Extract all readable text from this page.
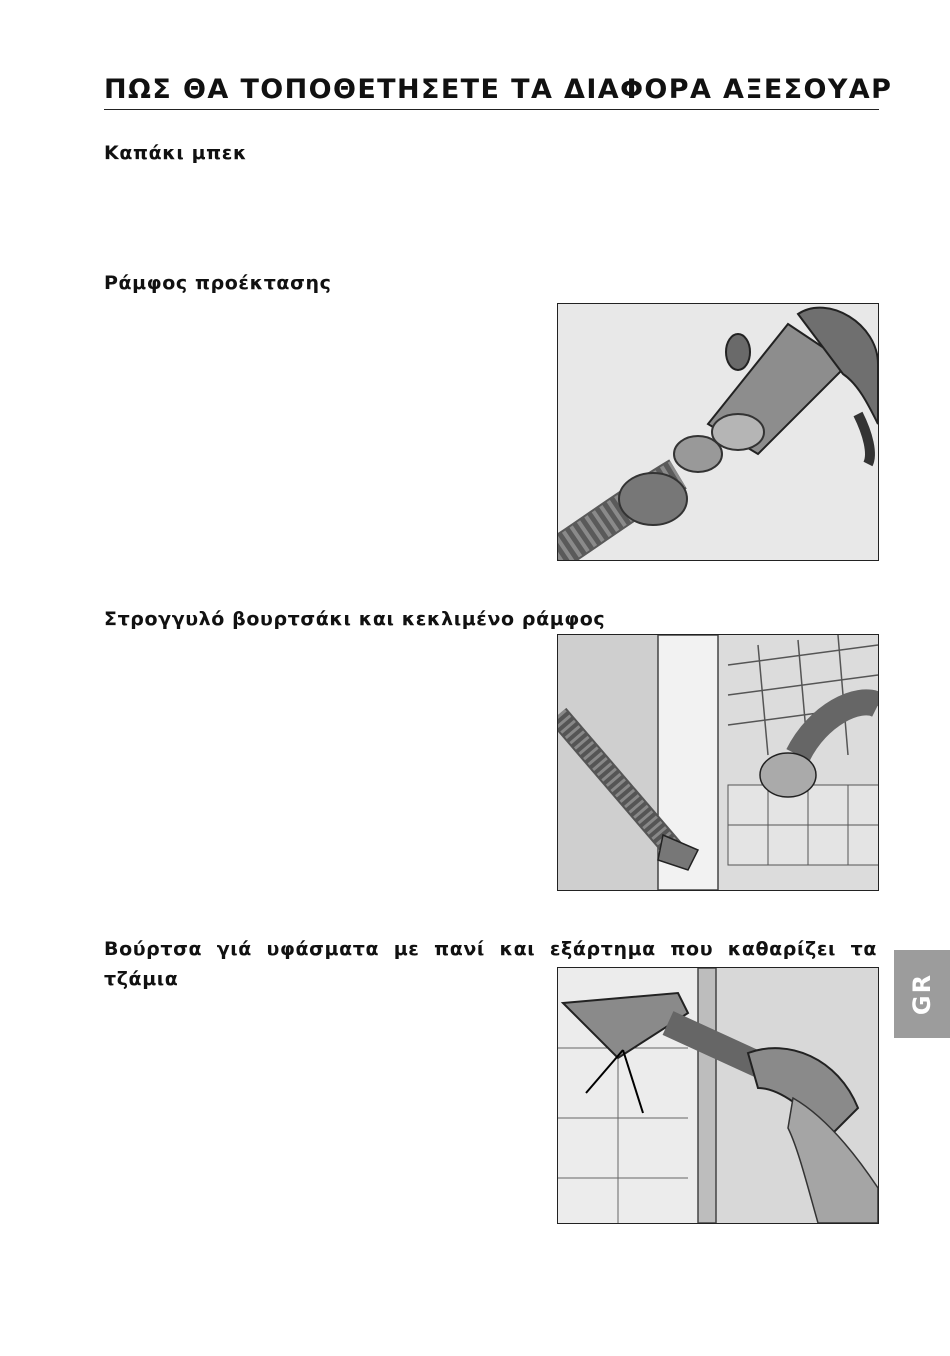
ΠΩΣ ΘΑ ΤΟΠΟΘΕΤΗΣΕΤΕ ΤΑ ΔΙΑΦΟΡΑ ΑΞΕΣΟΥΑΡ
Καπάκι μπεκ
Ράμφος προέκτασης
Στρογγυλό βουρτσάκι και κεκλιμένο ράμφος
Βούρτσα γιά υφάσματα με πανί και εξάρτημα που καθαρίζει τα
τζάμια	GR
